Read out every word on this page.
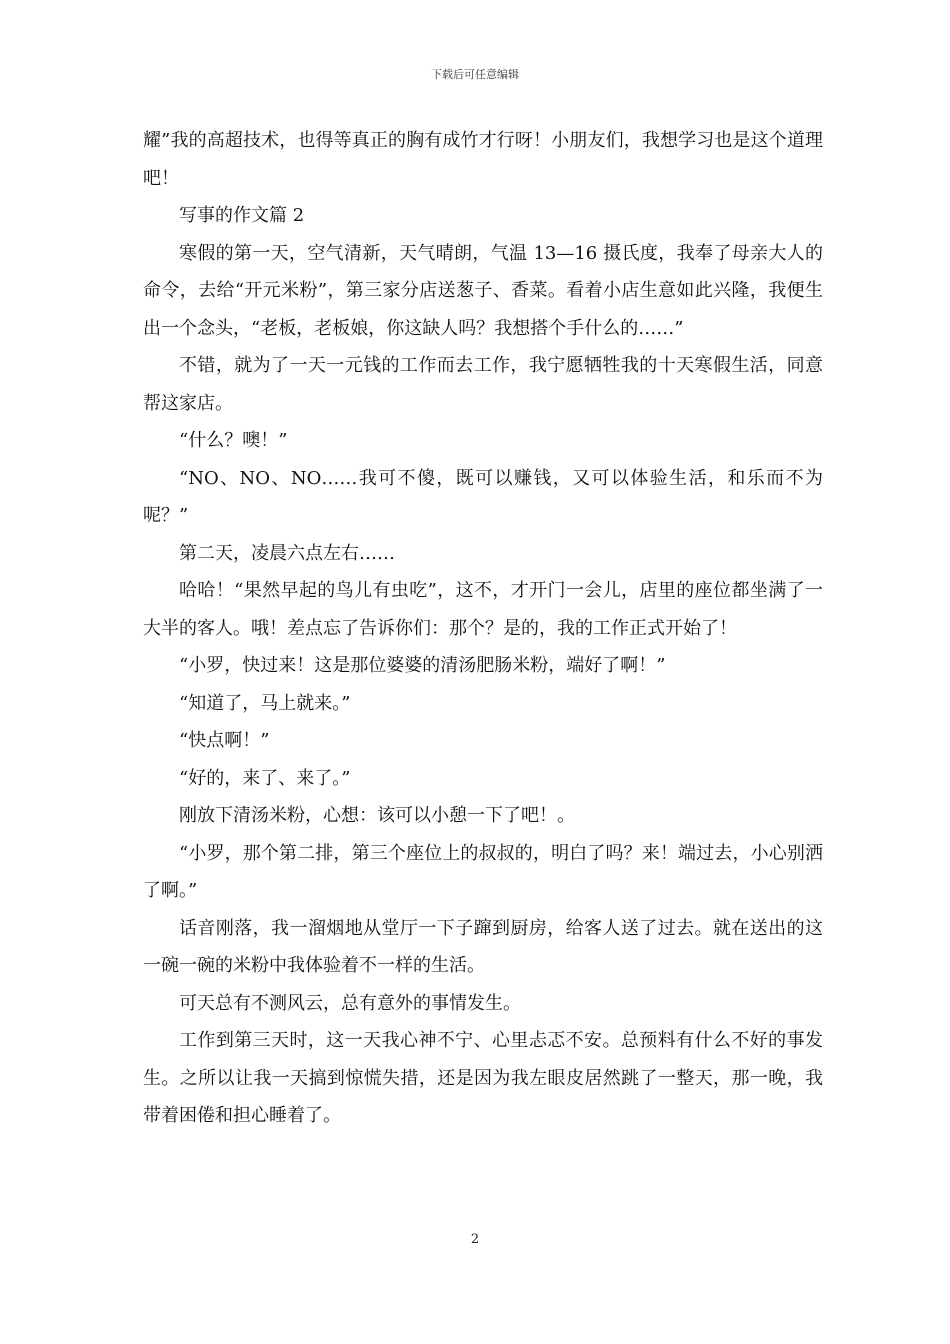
下载后可任意编辑

耀”我的高超技术，也得等真正的胸有成竹才行呀！小朋友们，我想学习也是这个道理吧！

写事的作文篇 2

寒假的第一天，空气清新，天气晴朗，气温 13—16 摄氏度，我奉了母亲大人的命令，去给“开元米粉”，第三家分店送葱子、香菜。看着小店生意如此兴隆，我便生出一个念头，“老板，老板娘，你这缺人吗？我想搭个手什么的……”

不错，就为了一天一元钱的工作而去工作，我宁愿牺牲我的十天寒假生活，同意帮这家店。

“什么？噢！”

“NO、NO、NO……我可不傻，既可以赚钱，又可以体验生活，和乐而不为呢？”

第二天，凌晨六点左右……

哈哈！“果然早起的鸟儿有虫吃”，这不，才开门一会儿，店里的座位都坐满了一大半的客人。哦！差点忘了告诉你们：那个？是的，我的工作正式开始了！

“小罗，快过来！这是那位婆婆的清汤肥肠米粉，端好了啊！”

“知道了，马上就来。”

“快点啊！”

“好的，来了、来了。”

刚放下清汤米粉，心想：该可以小憩一下了吧！。

“小罗，那个第二排，第三个座位上的叔叔的，明白了吗？来！端过去，小心别洒了啊。”

话音刚落，我一溜烟地从堂厅一下子蹿到厨房，给客人送了过去。就在送出的这一碗一碗的米粉中我体验着不一样的生活。

可天总有不测风云，总有意外的事情发生。

工作到第三天时，这一天我心神不宁、心里忐忑不安。总预料有什么不好的事发生。之所以让我一天搞到惊慌失措，还是因为我左眼皮居然跳了一整天，那一晚，我带着困倦和担心睡着了。

2
